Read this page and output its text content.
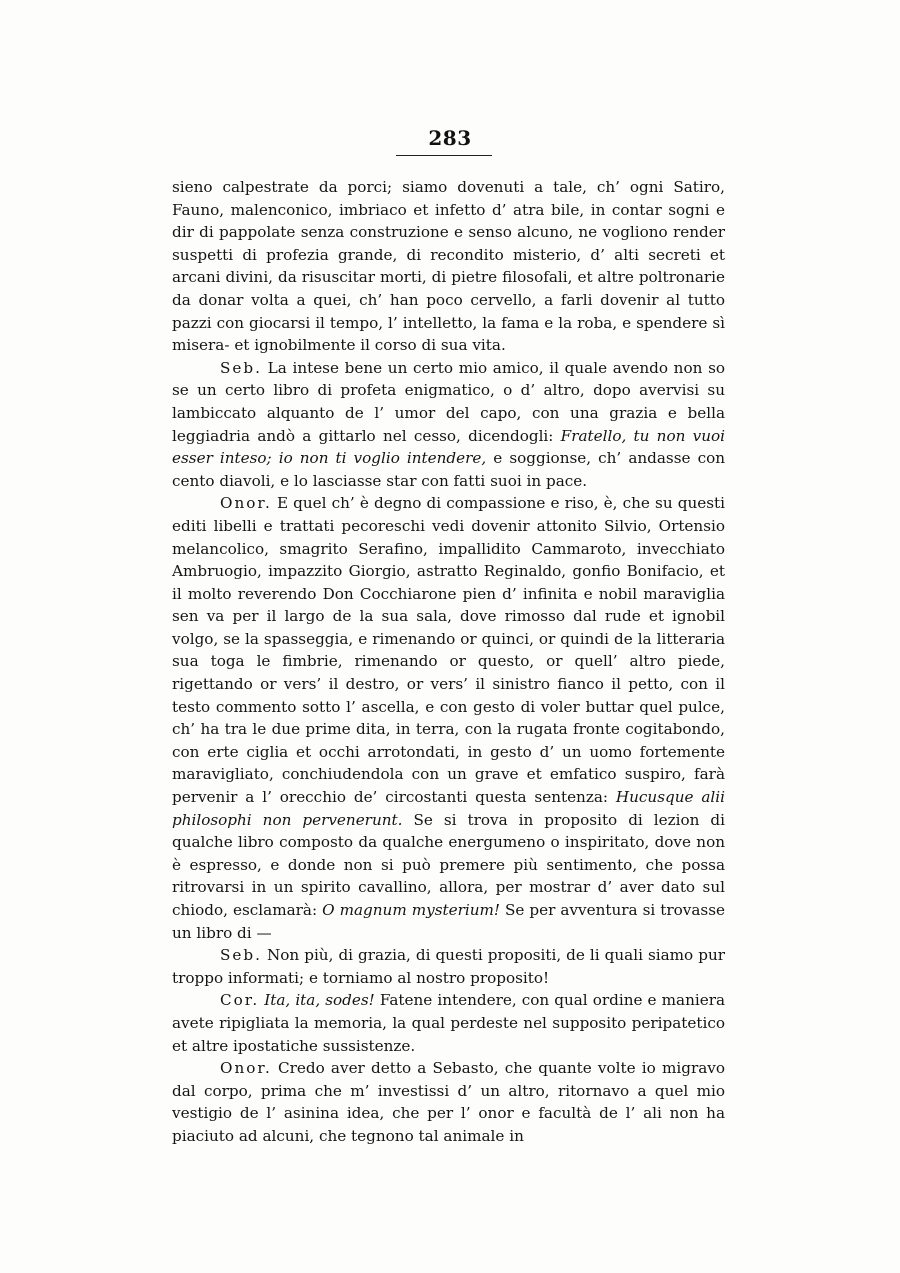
283

sieno calpestrate da porci; siamo dovenuti a tale, ch’ ogni Satiro, Fauno, malenconico, imbriaco et infetto d’ atra bile, in contar sogni e dir di pappolate senza construzione e senso alcuno, ne vogliono render suspetti di profezia grande, di recondito misterio, d’ alti secreti et arcani divini, da risuscitar morti, di pietre filosofali, et altre poltronarie da donar volta a quei, ch’ han poco cervello, a farli dovenir al tutto pazzi con giocarsi il tempo, l’ intelletto, la fama e la roba, e spendere sì misera- et ignobilmente il corso di sua vita.

Seb. La intese bene un certo mio amico, il quale avendo non so se un certo libro di profeta enigmatico, o d’ altro, dopo avervisi su lambiccato alquanto de l’ umor del capo, con una grazia e bella leggiadria andò a gittarlo nel cesso, dicendogli: Fratello, tu non vuoi esser inteso; io non ti voglio intendere, e soggionse, ch’ andasse con cento diavoli, e lo lasciasse star con fatti suoi in pace.

Onor. E quel ch’ è degno di compassione e riso, è, che su questi editi libelli e trattati pecoreschi vedi dovenir attonito Silvio, Ortensio melancolico, smagrito Serafino, impallidito Cammaroto, invecchiato Ambruogio, impazzito Giorgio, astratto Reginaldo, gonfio Bonifacio, et il molto reverendo Don Cocchiarone pien d’ infinita e nobil maraviglia sen va per il largo de la sua sala, dove rimosso dal rude et ignobil volgo, se la spasseggia, e rimenando or quinci, or quindi de la litteraria sua toga le fimbrie, rimenando or questo, or quell’ altro piede, rigettando or vers’ il destro, or vers’ il sinistro fianco il petto, con il testo commento sotto l’ ascella, e con gesto di voler buttar quel pulce, ch’ ha tra le due prime dita, in terra, con la rugata fronte cogitabondo, con erte ciglia et occhi arrotondati, in gesto d’ un uomo fortemente maravigliato, conchiudendola con un grave et emfatico suspiro, farà pervenir a l’ orecchio de’ circostanti questa sentenza: Hucusque alii philosophi non pervenerunt. Se si trova in proposito di lezion di qualche libro composto da qualche energumeno o inspiritato, dove non è espresso, e donde non si può premere più sentimento, che possa ritrovarsi in un spirito cavallino, allora, per mostrar d’ aver dato sul chiodo, esclamarà: O magnum mysterium! Se per avventura si trovasse un libro di —

Seb. Non più, di grazia, di questi propositi, de li quali siamo pur troppo informati; e torniamo al nostro proposito!

Cor. Ita, ita, sodes! Fatene intendere, con qual ordine e maniera avete ripigliata la memoria, la qual perdeste nel supposito peripatetico et altre ipostatiche sussistenze.

Onor. Credo aver detto a Sebasto, che quante volte io migravo dal corpo, prima che m’ investissi d’ un altro, ritornavo a quel mio vestigio de l’ asinina idea, che per l’ onor e facultà de l’ ali non ha piaciuto ad alcuni, che tegnono tal animale in
